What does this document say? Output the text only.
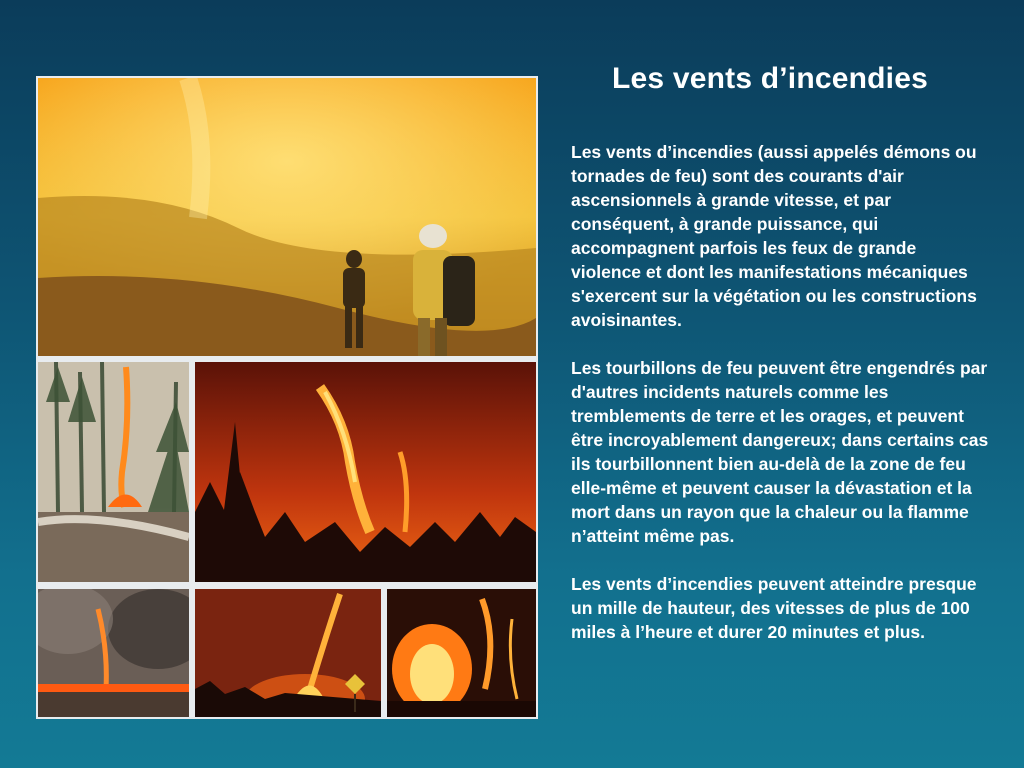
Les vents d’incendies

Les vents d’incendies (aussi appelés démons ou tornades de feu) sont des courants d'air ascensionnels à grande vitesse, et par conséquent, à grande puissance, qui accompagnent parfois les feux de grande violence et dont les manifestations mécaniques s'exercent sur la végétation ou les constructions avoisinantes.

Les tourbillons de feu peuvent être engendrés par d'autres incidents naturels comme les tremblements de terre et les orages, et peuvent être incroyablement dangereux; dans certains cas ils tourbillonnent bien au-delà de la zone de feu elle-même et peuvent causer la dévastation et la mort dans un rayon que la chaleur ou la flamme n’atteint même pas.

Les vents d’incendies peuvent atteindre presque un mille de hauteur, des vitesses de plus de 100 miles à l’heure et durer 20 minutes et plus.
